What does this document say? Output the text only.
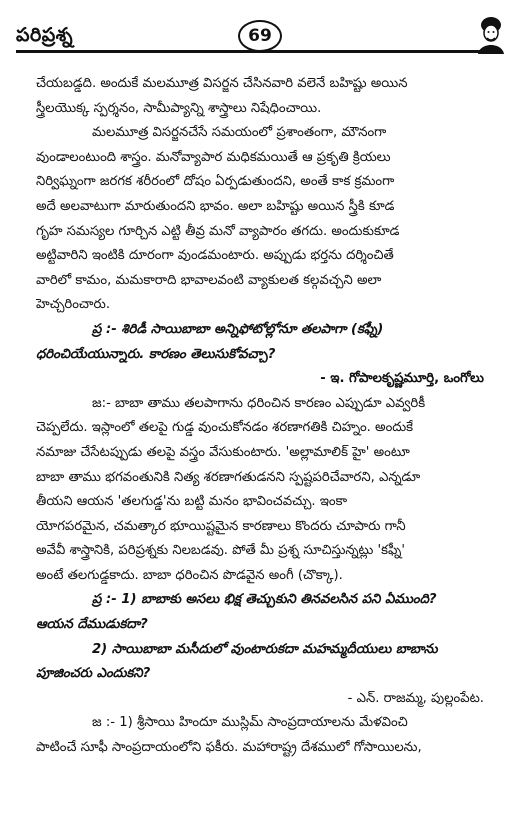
పరిప్రశ్న	69
చేయబడ్డది. అందుకే మలమూత్ర విసర్జన చేసినవారి వలెనే బహిష్టు అయిన
స్త్రీలయొక్క స్పర్శనం, సామీప్యాన్ని శాస్త్రాలు నిషేధించాయి.
మలమూత్ర విసర్జనచేసే సమయంలో ప్రశాంతంగా, మౌనంగా
వుండాలంటుంది శాస్త్రం. మనోవ్యాపార మధికమయితే ఆ ప్రకృతి క్రియలు
నిర్విఘ్నంగా జరగక శరీరంలో దోషం ఏర్పడుతుందని, అంతే కాక క్రమంగా
అదే అలవాటుగా మారుతుందని భావం. అలా బహిష్టు అయిన స్త్రీకి కూడ
గృహ సమస్యల గూర్చిన ఎట్టి తీవ్ర మనో వ్యాపారం తగదు. అందుకుకూడ
అట్టివారిని ఇంటికి దూరంగా వుండమంటారు. అప్పుడు భర్తను దర్శించితే
వారిలో కామం, మమకారాది భావాలవంటి వ్యాకులత కల్గవచ్చని అలా
హెచ్చరించారు.
ప్ర :- శిరిడీ సాయిబాబా అన్నిఫోటోల్లోనూ తలపాగా (కఫ్నీ)
ధరించియేయున్నారు. కారణం తెలుసుకోవచ్చా?
- ఇ. గోపాలకృష్ణమూర్తి, ఒంగోలు
జ:- బాబా తాము తలపాగాను ధరించిన కారణం ఎప్పుడూ ఎవ్వరికీ
చెప్పలేదు. ఇస్లాంలో తలపై గుడ్డ వుంచుకోనడం శరణాగతికి చిహ్నం. అందుకే
నమాజు చేసేటప్పుడు తలపై వస్త్రం వేసుకుంటారు. 'అల్లామాలిక్ హై' అంటూ
బాబా తాము భగవంతునికి నిత్య శరణాగతుడనని స్పష్టపరిచేవారని, ఎన్నడూ
తీయని ఆయన 'తలగుడ్డ'ను బట్టి మనం భావించవచ్చు. ఇంకా
యోగపరమైన, చమత్కార భూయిష్టమైన కారణాలు కొందరు చూపారు గానీ
అవేవీ శాస్త్రానికి, పరిప్రశ్నకు నిలబడవు. పోతే మీ ప్రశ్న సూచిస్తున్నట్లు 'కఫ్నీ'
అంటే తలగుడ్డకాదు. బాబా ధరించిన పొడవైన అంగీ (చొక్కా).
ప్ర :- 1) బాబాకు అసలు భిక్ష తెచ్చుకుని తినవలసిన పని ఏముంది?
ఆయన దేముడుకదా?
2) సాయిబాబా మసీదులో వుంటారుకదా మహమ్మదీయులు బాబాను
పూజించరు ఎందుకని?
- ఎన్. రాజమ్మ, పుల్లంపేట.
జ :- 1) శ్రీసాయి హిందూ ముస్లిమ్ సాంప్రదాయాలను మేళవించి
పాటించే సూఫీ సాంప్రదాయంలోని ఫకీరు. మహారాష్ట్ర దేశములో గోసాయిలను,
